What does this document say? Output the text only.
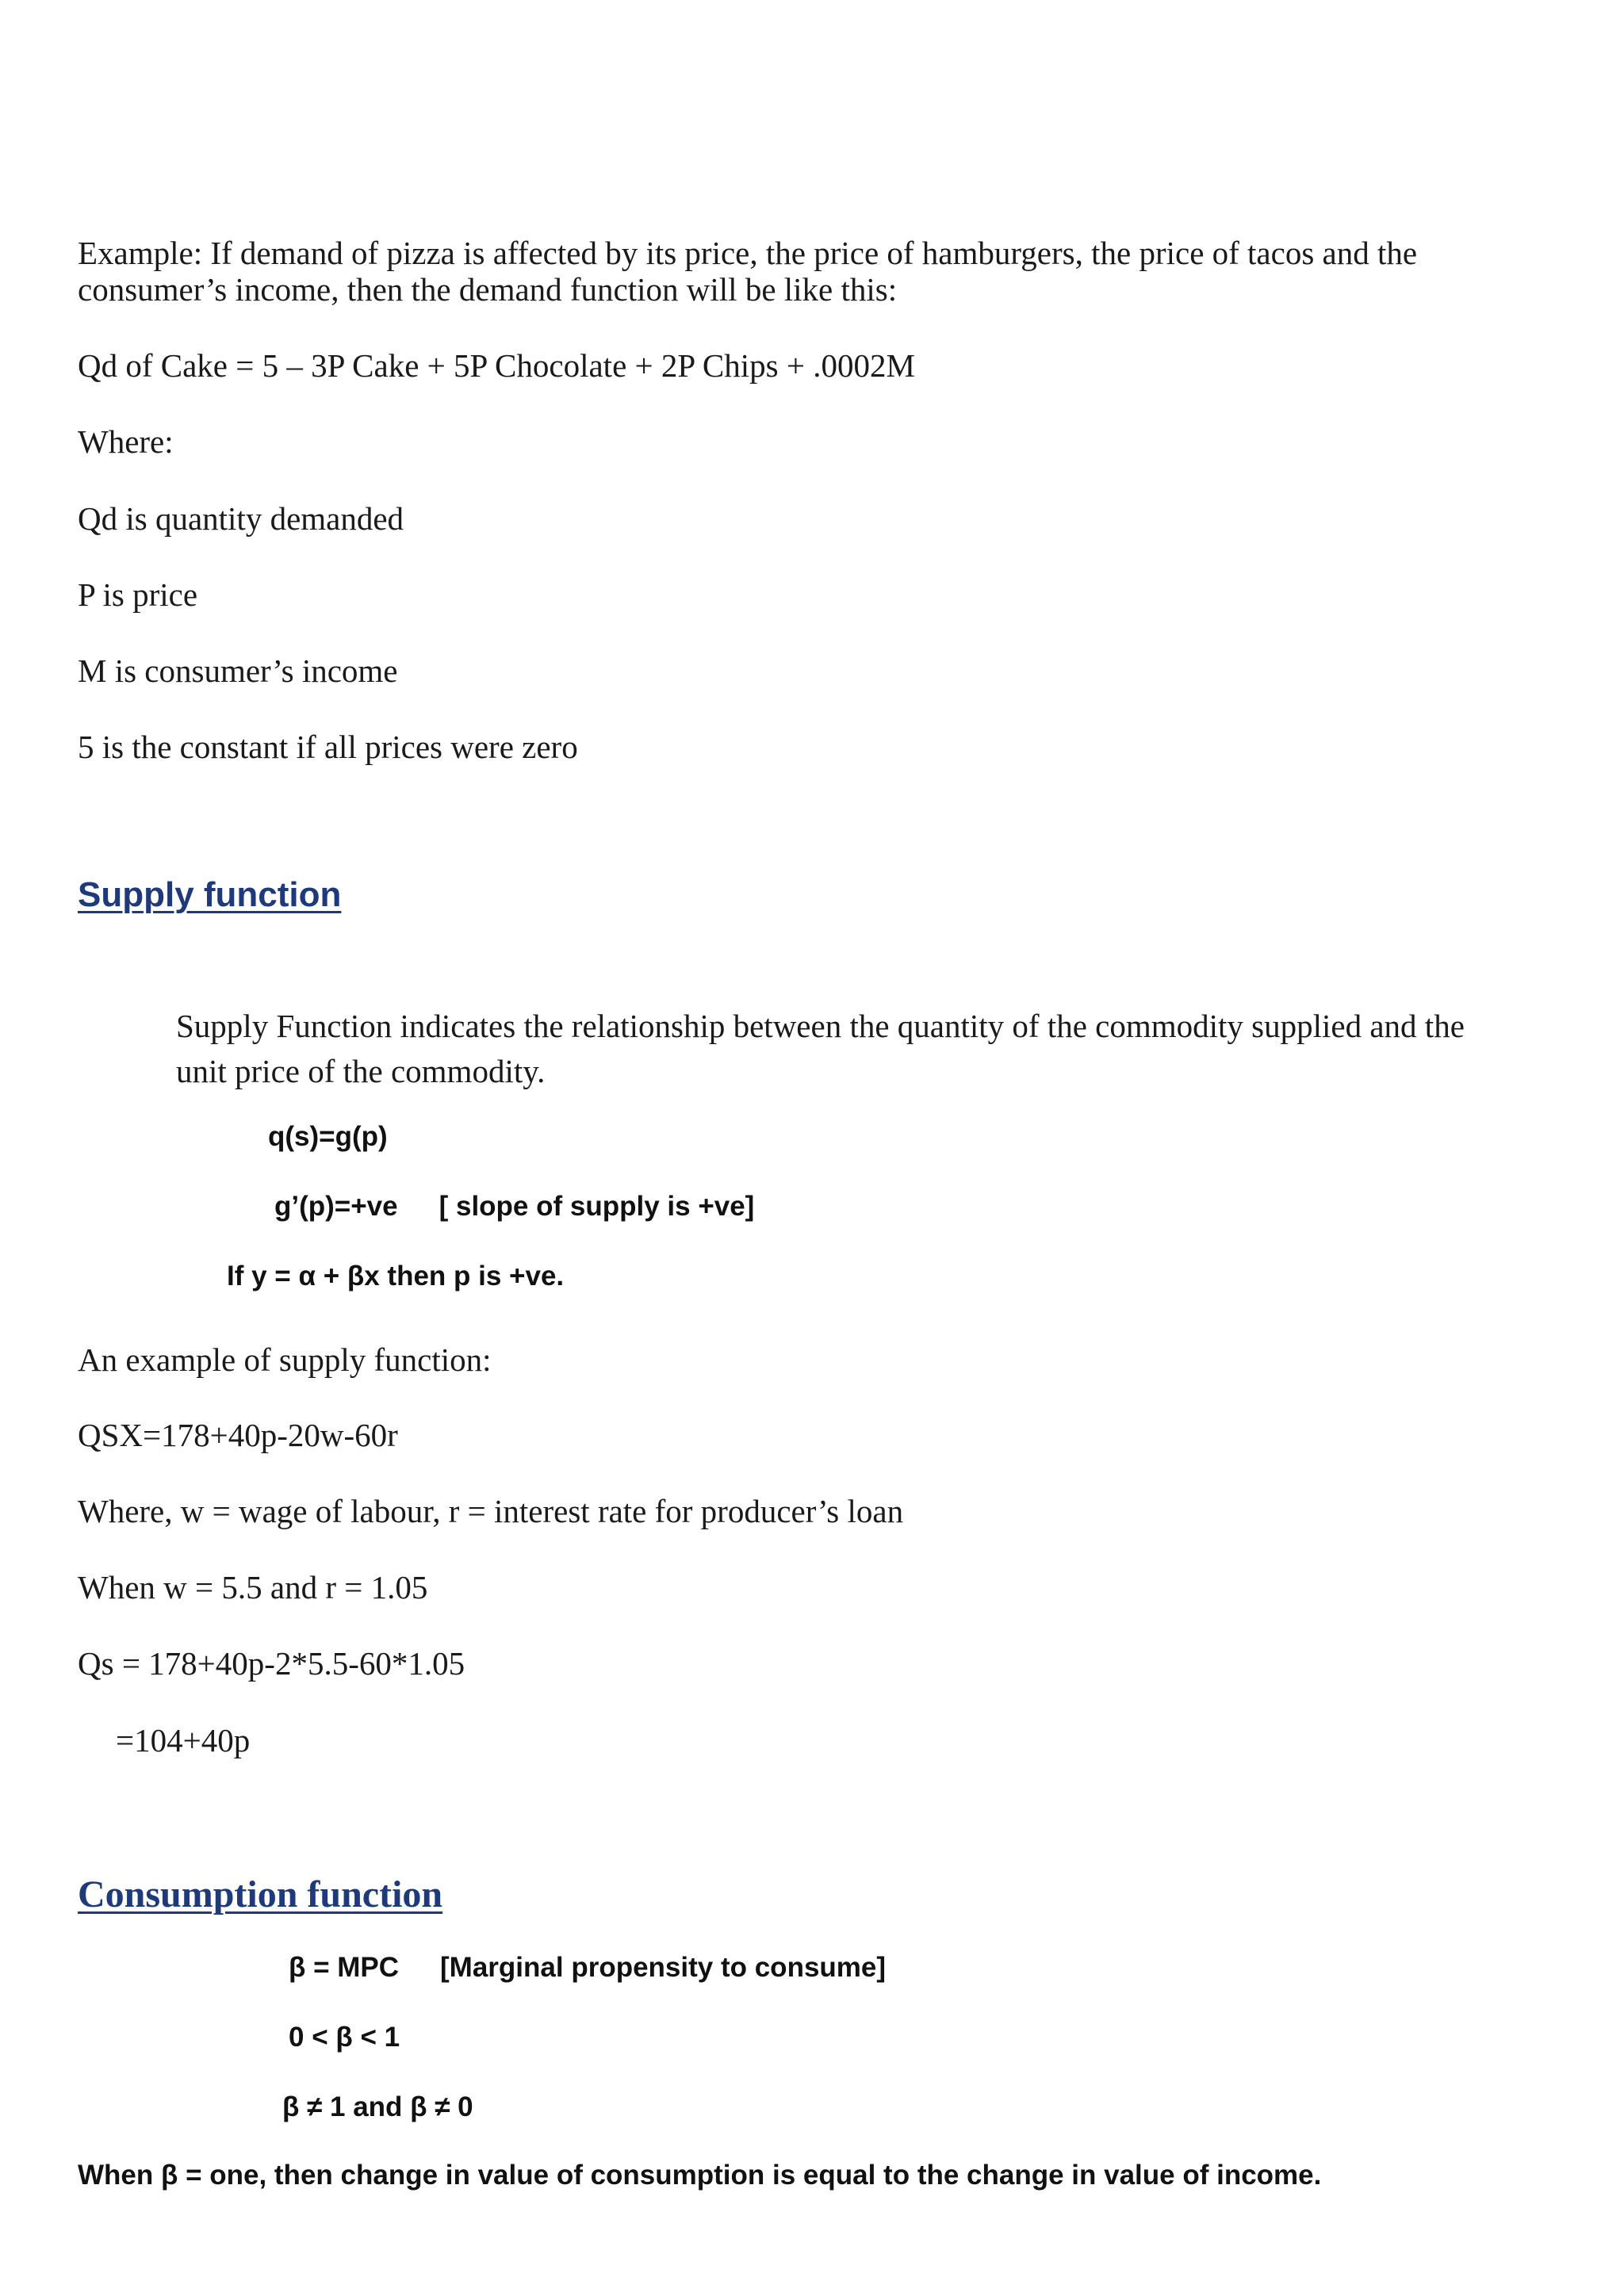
Example: If demand of pizza is affected by its price, the price of hamburgers, the price of tacos and the

consumer’s income, then the demand function will be like this:

Qd of Cake = 5 – 3P Cake + 5P Chocolate + 2P Chips + .0002M

Where:

Qd is quantity demanded

P is price

M is consumer’s income

5 is the constant if all prices were zero

Supply function

Supply Function indicates the relationship between the quantity of the commodity supplied and the unit price of the commodity.

q(s)=g(p)

g’(p)=+ve [ slope of supply is +ve]

If y = α + βx then p is +ve.

An example of supply function:

QSX=178+40p-20w-60r

Where, w = wage of labour, r = interest rate for producer’s loan

When w = 5.5 and r = 1.05

Qs = 178+40p-2*5.5-60*1.05

=104+40p

Consumption function

β = MPC [Marginal propensity to consume]

0 < β < 1

β ≠ 1 and β ≠ 0

When β = one, then change in value of consumption is equal to the change in value of income.
